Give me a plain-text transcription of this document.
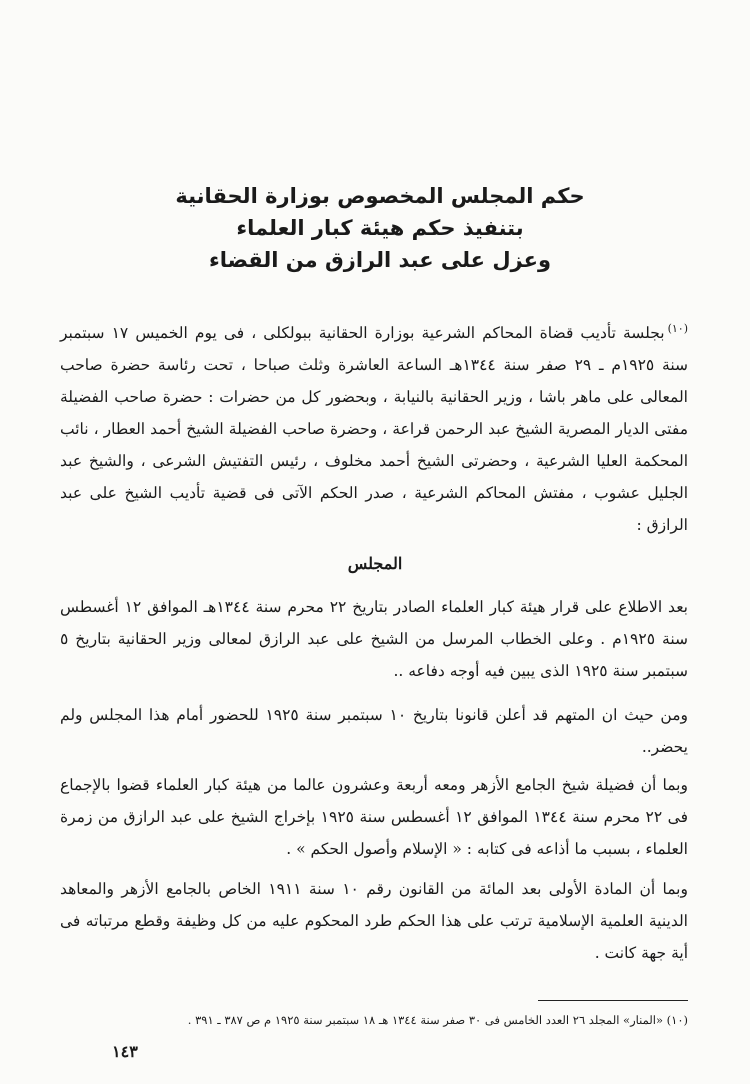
حكم المجلس المخصوص بوزارة الحقانية
بتنفيذ حكم هيئة كبار العلماء
وعزل على عبد الرازق من القضاء

$^{(١٠)}$بجلسة تأديب قضاة المحاكم الشرعية بوزارة الحقانية ببولكلى ، فى يوم الخميس ١٧ سبتمبر سنة ١٩٢٥م ـ ٢٩ صفر سنة ١٣٤٤هـ الساعة العاشرة وثلث صباحا ، تحت رئاسة حضرة صاحب المعالى على ماهر باشا ، وزير الحقانية بالنيابة ، وبحضور كل من حضرات : حضرة صاحب الفضيلة مفتى الديار المصرية الشيخ عبد الرحمن قراعة ، وحضرة صاحب الفضيلة الشيخ أحمد العطار ، نائب المحكمة العليا الشرعية ، وحضرتى الشيخ أحمد مخلوف ، رئيس التفتيش الشرعى ، والشيخ عبد الجليل عشوب ، مفتش المحاكم الشرعية ، صدر الحكم الآتى فى قضية تأديب الشيخ على عبد الرازق :

المجلس

بعد الاطلاع على قرار هيئة كبار العلماء الصادر بتاريخ ٢٢ محرم سنة ١٣٤٤هـ الموافق ١٢ أغسطس سنة ١٩٢٥م . وعلى الخطاب المرسل من الشيخ على عبد الرازق لمعالى وزير الحقانية بتاريخ ٥ سبتمبر سنة ١٩٢٥ الذى يبين فيه أوجه دفاعه ..

ومن حيث ان المتهم قد أعلن قانونا بتاريخ ١٠ سبتمبر سنة ١٩٢٥ للحضور أمام هذا المجلس ولم يحضر..

وبما أن فضيلة شيخ الجامع الأزهر ومعه أربعة وعشرون عالما من هيئة كبار العلماء قضوا بالإجماع فى ٢٢ محرم سنة ١٣٤٤ الموافق ١٢ أغسطس سنة ١٩٢٥ بإخراج الشيخ على عبد الرازق من زمرة العلماء ، بسبب ما أذاعه فى كتابه : « الإسلام وأصول الحكم » .

وبما أن المادة الأولى بعد المائة من القانون رقم ١٠ سنة ١٩١١ الخاص بالجامع الأزهر والمعاهد الدينية العلمية الإسلامية ترتب على هذا الحكم طرد المحكوم عليه من كل وظيفة وقطع مرتباته فى أية جهة كانت .

(١٠) «المنار» المجلد ٢٦ العدد الخامس فى ٣٠ صفر سنة ١٣٤٤ هـ ١٨ سبتمبر سنة ١٩٢٥ م ص ٣٨٧ ـ ٣٩١ .
١٤٣
